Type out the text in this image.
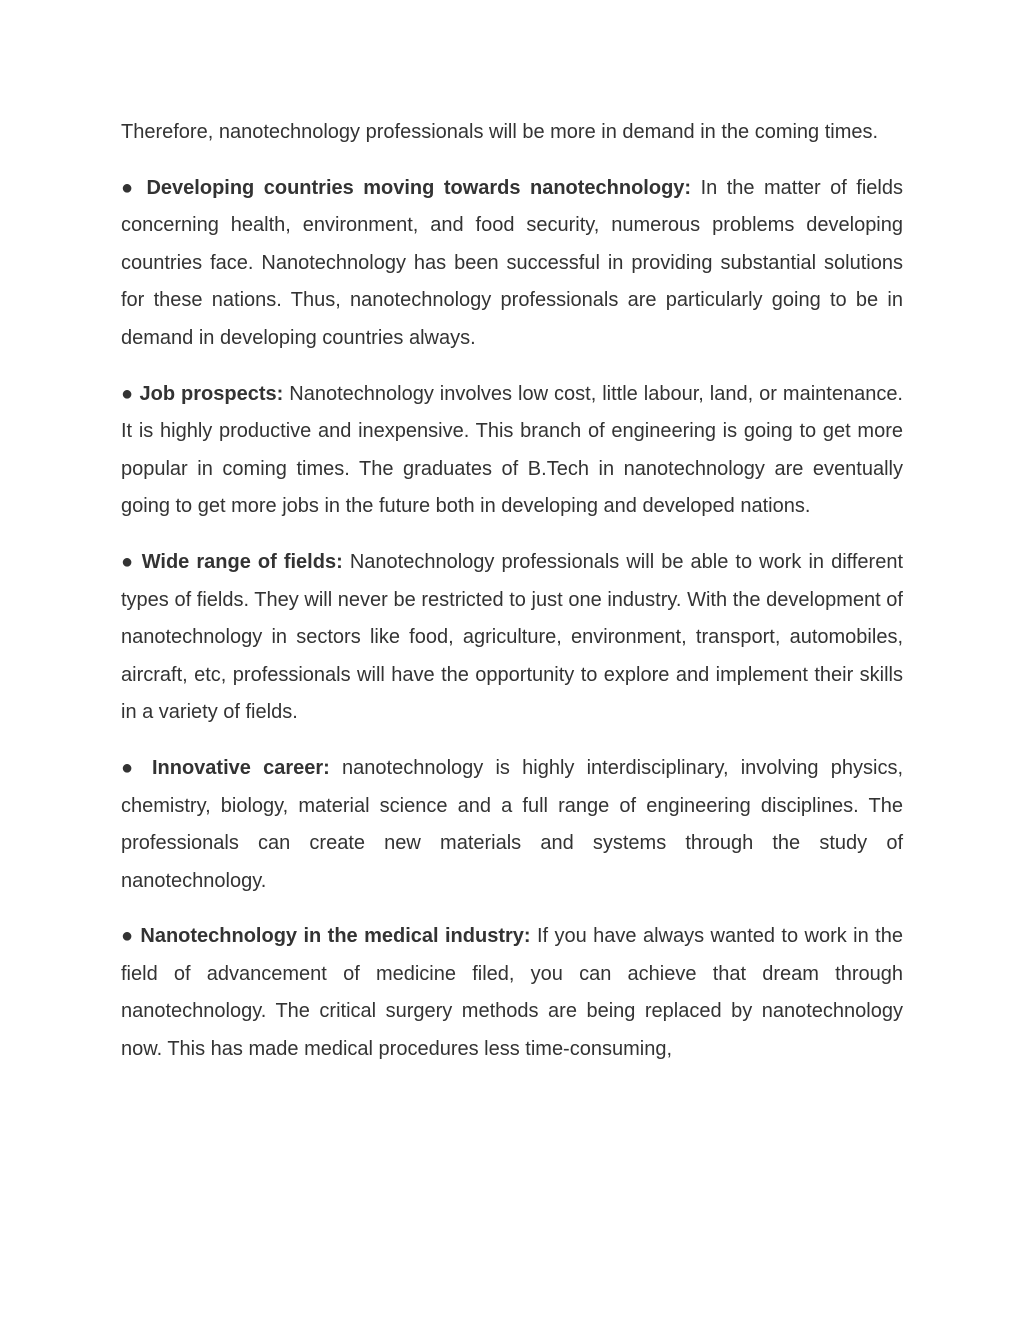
Therefore, nanotechnology professionals will be more in demand in the coming times.

● Developing countries moving towards nanotechnology: In the matter of fields concerning health, environment, and food security, numerous problems developing countries face. Nanotechnology has been successful in providing substantial solutions for these nations. Thus, nanotechnology professionals are particularly going to be in demand in developing countries always.

● Job prospects: Nanotechnology involves low cost, little labour, land, or maintenance. It is highly productive and inexpensive. This branch of engineering is going to get more popular in coming times. The graduates of B.Tech in nanotechnology are eventually going to get more jobs in the future both in developing and developed nations.

● Wide range of fields: Nanotechnology professionals will be able to work in different types of fields. They will never be restricted to just one industry. With the development of nanotechnology in sectors like food, agriculture, environment, transport, automobiles, aircraft, etc, professionals will have the opportunity to explore and implement their skills in a variety of fields.

● Innovative career: nanotechnology is highly interdisciplinary, involving physics, chemistry, biology, material science and a full range of engineering disciplines. The professionals can create new materials and systems through the study of nanotechnology.

● Nanotechnology in the medical industry: If you have always wanted to work in the field of advancement of medicine filed, you can achieve that dream through nanotechnology. The critical surgery methods are being replaced by nanotechnology now. This has made medical procedures less time-consuming,
